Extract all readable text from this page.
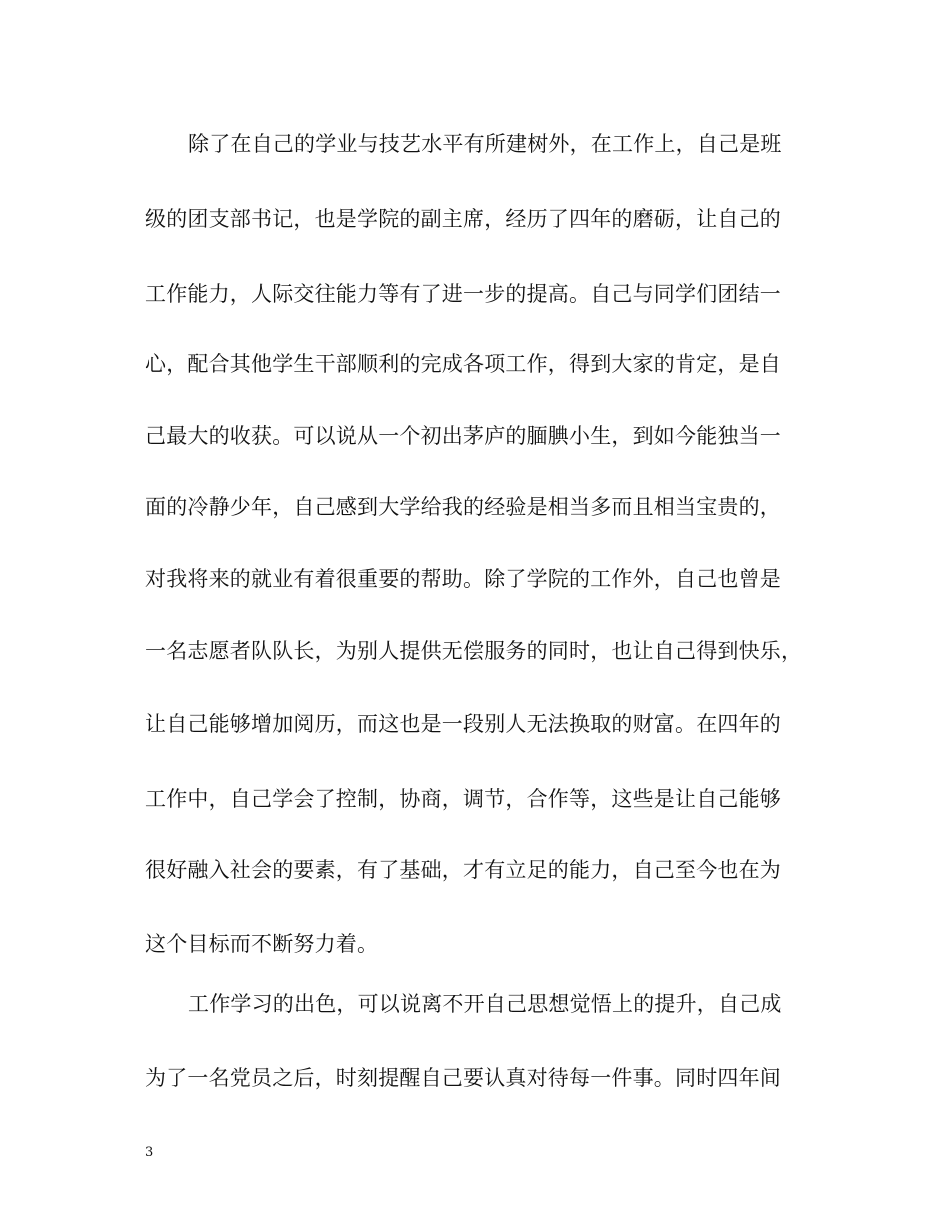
除了在自己的学业与技艺水平有所建树外，在工作上，自己是班
级的团支部书记，也是学院的副主席，经历了四年的磨砺，让自己的
工作能力，人际交往能力等有了进一步的提高。自己与同学们团结一
心，配合其他学生干部顺利的完成各项工作，得到大家的肯定，是自
己最大的收获。可以说从一个初出茅庐的腼腆小生，到如今能独当一
面的冷静少年，自己感到大学给我的经验是相当多而且相当宝贵的，
对我将来的就业有着很重要的帮助。除了学院的工作外，自己也曾是
一名志愿者队队长，为别人提供无偿服务的同时，也让自己得到快乐，
让自己能够增加阅历，而这也是一段别人无法换取的财富。在四年的
工作中，自己学会了控制，协商，调节，合作等，这些是让自己能够
很好融入社会的要素，有了基础，才有立足的能力，自己至今也在为
这个目标而不断努力着。
工作学习的出色，可以说离不开自己思想觉悟上的提升，自己成
为了一名党员之后，时刻提醒自己要认真对待每一件事。同时四年间
3
